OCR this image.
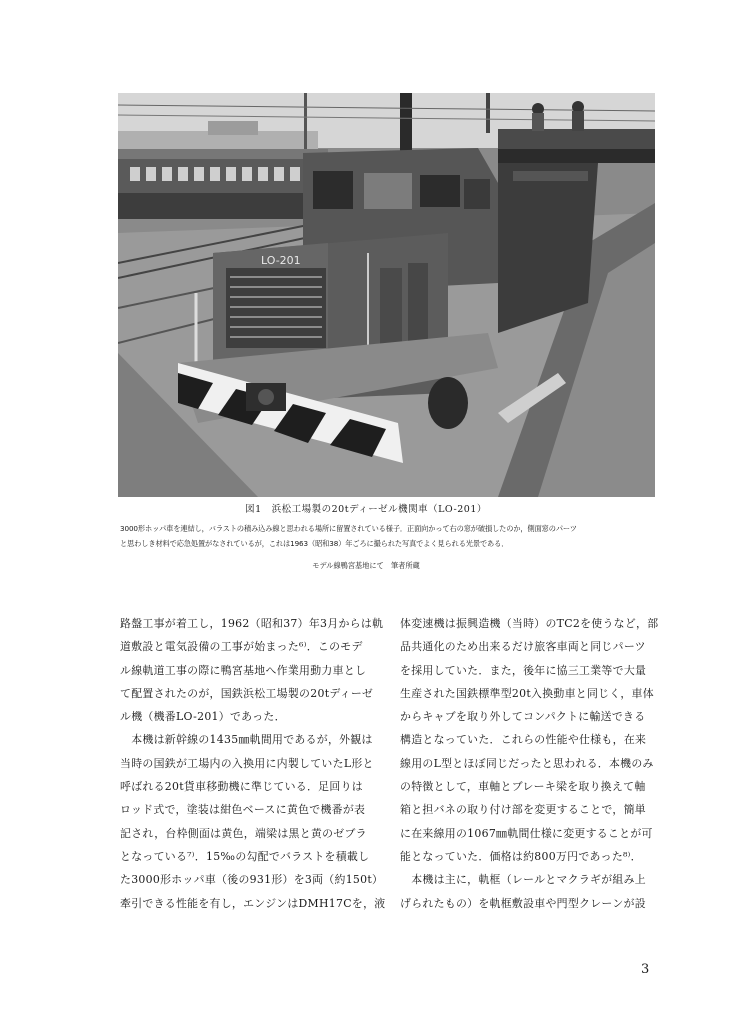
LO-201
図1　浜松工場製の20tディーゼル機関車（LO-201）

3000形ホッパ車を連結し，バラストの積み込み線と思われる場所に留置されている様子．正面向かって右の窓が破損したのか，側面窓のパーツ

と思わしき材料で応急処置がなされているが，これは1963（昭和38）年ごろに撮られた写真でよく見られる光景である．

モデル線鴨宮基地にて　筆者所蔵

路盤工事が着工し，1962（昭和37）年3月からは軌

道敷設と電気設備の工事が始まった⁶⁾．このモデ

ル線軌道工事の際に鴨宮基地へ作業用動力車とし

て配置されたのが，国鉄浜松工場製の20tディーゼ

ル機（機番LO-201）であった．

　本機は新幹線の1435㎜軌間用であるが，外観は

当時の国鉄が工場内の入換用に内製していたL形と

呼ばれる20t貨車移動機に準じている．足回りは

ロッド式で，塗装は紺色ベースに黄色で機番が表

記され，台枠側面は黄色，端梁は黒と黄のゼブラ

となっている⁷⁾．15‰の勾配でバラストを積載し

た3000形ホッパ車（後の931形）を3両（約150t）

牽引できる性能を有し，エンジンはDMH17Cを，液

体変速機は振興造機（当時）のTC2を使うなど，部

品共通化のため出来るだけ旅客車両と同じパーツ

を採用していた．また，後年に協三工業等で大量

生産された国鉄標準型20t入換動車と同じく，車体

からキャブを取り外してコンパクトに輸送できる

構造となっていた．これらの性能や仕様も，在来

線用のL型とほぼ同じだったと思われる．本機のみ

の特徴として，車軸とブレーキ梁を取り換えて軸

箱と担バネの取り付け部を変更することで，簡単

に在来線用の1067㎜軌間仕様に変更することが可

能となっていた．価格は約800万円であった⁸⁾．

　本機は主に，軌框（レールとマクラギが組み上

げられたもの）を軌框敷設車や門型クレーンが設

3
